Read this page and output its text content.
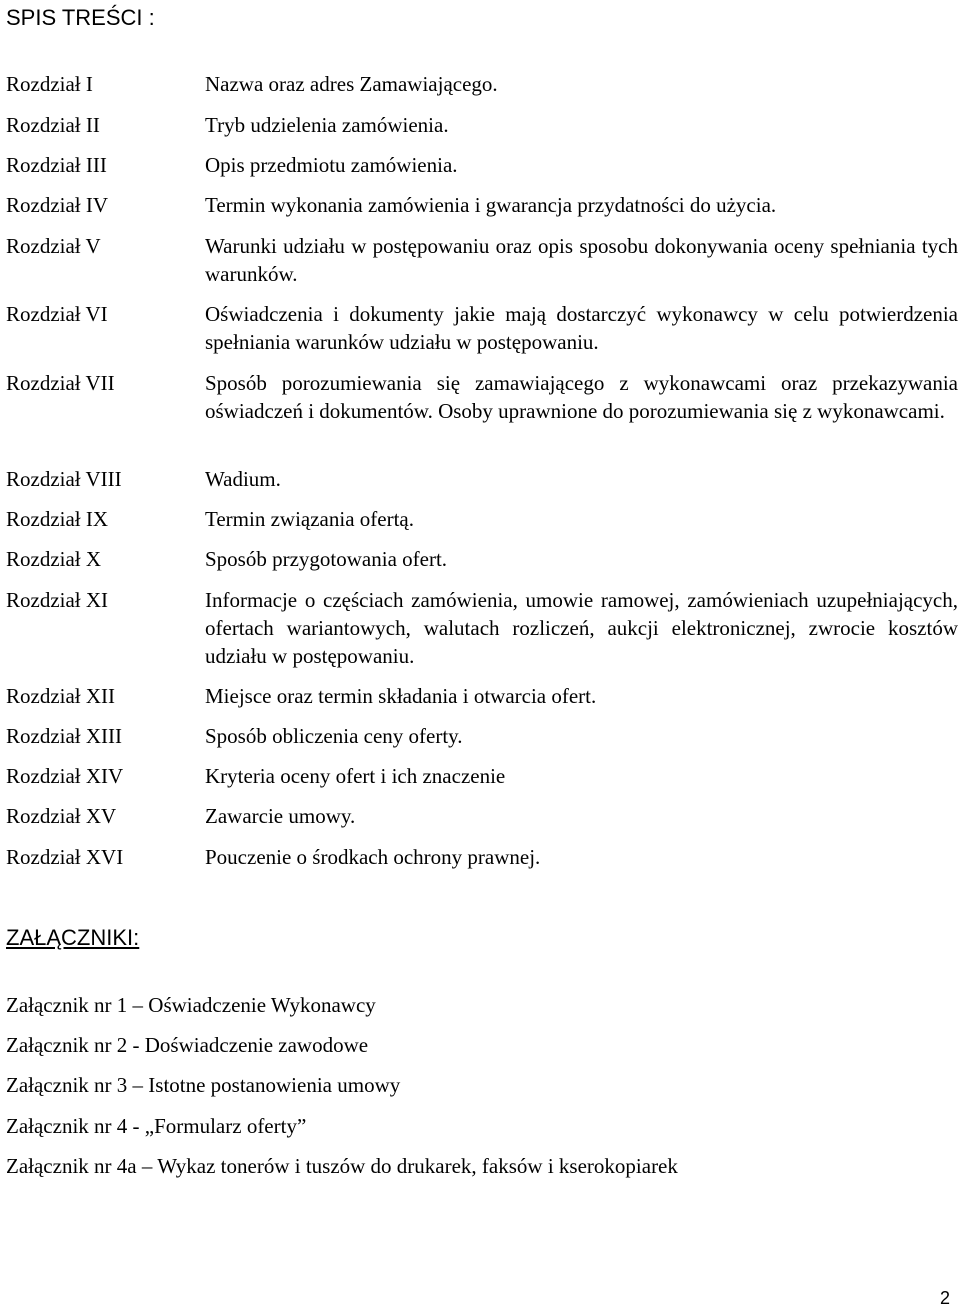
SPIS TREŚCI :
Rozdział I	Nazwa oraz adres Zamawiającego.
Rozdział II	Tryb udzielenia zamówienia.
Rozdział III	Opis przedmiotu zamówienia.
Rozdział IV	Termin wykonania zamówienia i gwarancja przydatności do użycia.
Rozdział V	Warunki udziału w postępowaniu oraz opis sposobu dokonywania oceny spełniania tych warunków.
Rozdział VI	Oświadczenia i dokumenty jakie mają dostarczyć wykonawcy w celu potwierdzenia spełniania warunków udziału w postępowaniu.
Rozdział VII	Sposób porozumiewania się zamawiającego z wykonawcami oraz przekazywania oświadczeń i dokumentów. Osoby uprawnione do porozumiewania się z wykonawcami.
Rozdział VIII	Wadium.
Rozdział IX	Termin związania ofertą.
Rozdział X	Sposób przygotowania ofert.
Rozdział XI	Informacje o częściach zamówienia, umowie ramowej, zamówieniach uzupełniających, ofertach wariantowych, walutach rozliczeń, aukcji elektronicznej, zwrocie kosztów udziału w postępowaniu.
Rozdział XII	Miejsce oraz termin składania i otwarcia ofert.
Rozdział XIII	Sposób obliczenia ceny oferty.
Rozdział XIV	Kryteria oceny ofert i ich znaczenie
Rozdział XV	Zawarcie umowy.
Rozdział XVI	Pouczenie o środkach ochrony prawnej.
ZAŁĄCZNIKI:
Załącznik nr 1 – Oświadczenie Wykonawcy
Załącznik nr 2 - Doświadczenie zawodowe
Załącznik nr 3 – Istotne postanowienia umowy
Załącznik nr 4 - „Formularz oferty”
Załącznik nr 4a – Wykaz tonerów i tuszów do drukarek, faksów i kserokopiarek
2
